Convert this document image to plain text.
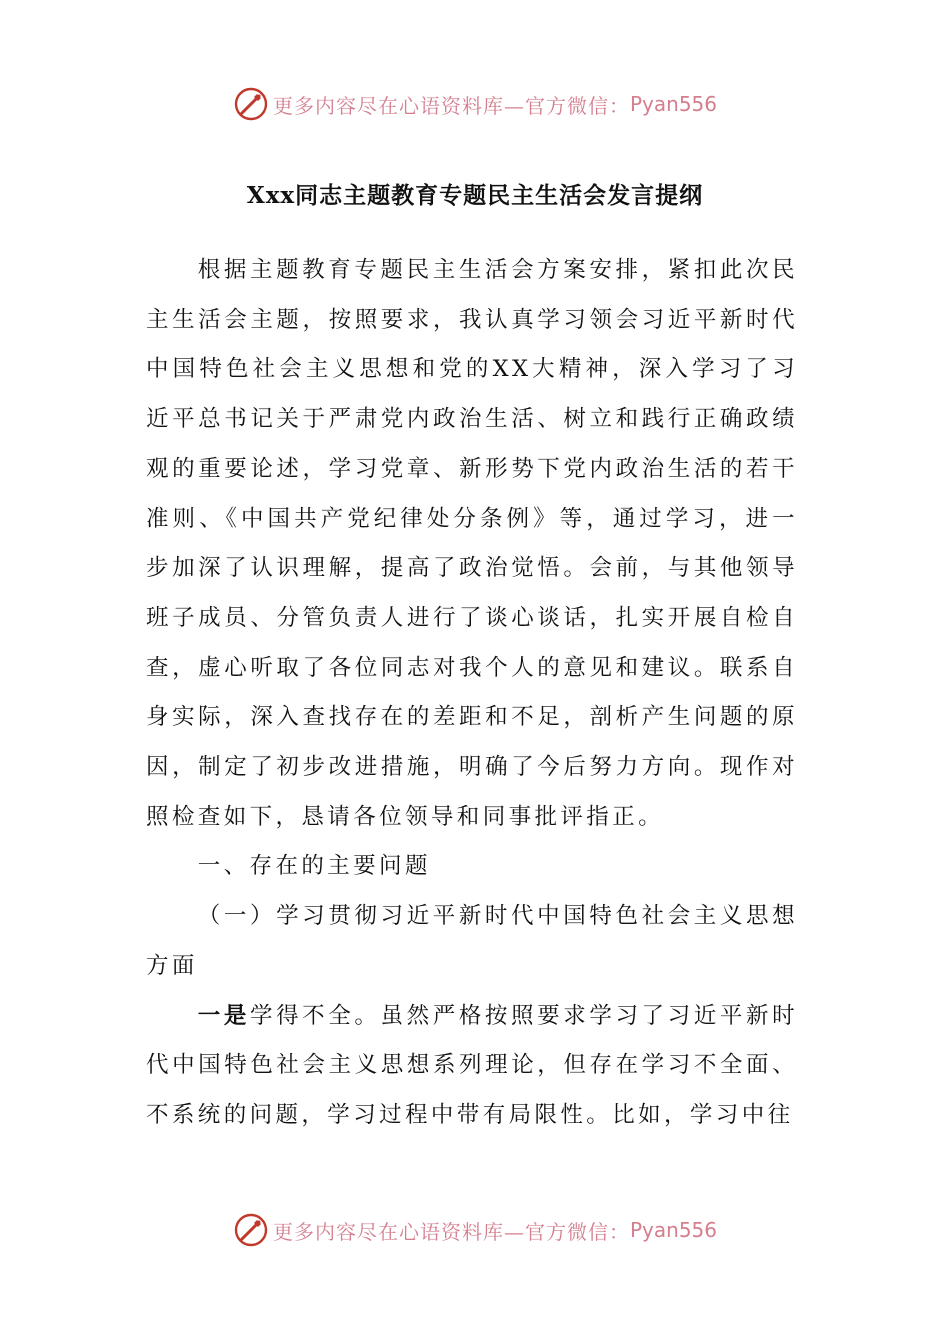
更多内容尽在心语资料库—官方微信： Pyan556
Xxx同志主题教育专题民主生活会发言提纲

根据主题教育专题民主生活会方案安排，紧扣此次民主生活会主题，按照要求，我认真学习领会习近平新时代中国特色社会主义思想和党的XX大精神，深入学习了习近平总书记关于严肃党内政治生活、树立和践行正确政绩观的重要论述，学习党章、新形势下党内政治生活的若干准则、《中国共产党纪律处分条例》等，通过学习，进一步加深了认识理解，提高了政治觉悟。会前，与其他领导班子成员、分管负责人进行了谈心谈话，扎实开展自检自查，虚心听取了各位同志对我个人的意见和建议。联系自身实际，深入查找存在的差距和不足，剖析产生问题的原因，制定了初步改进措施，明确了今后努力方向。现作对照检查如下，恳请各位领导和同事批评指正。

一、存在的主要问题

（一）学习贯彻习近平新时代中国特色社会主义思想方面

一是学得不全。虽然严格按照要求学习了习近平新时代中国特色社会主义思想系列理论，但存在学习不全面、不系统的问题，学习过程中带有局限性。比如，学习中往

更多内容尽在心语资料库—官方微信： Pyan556
